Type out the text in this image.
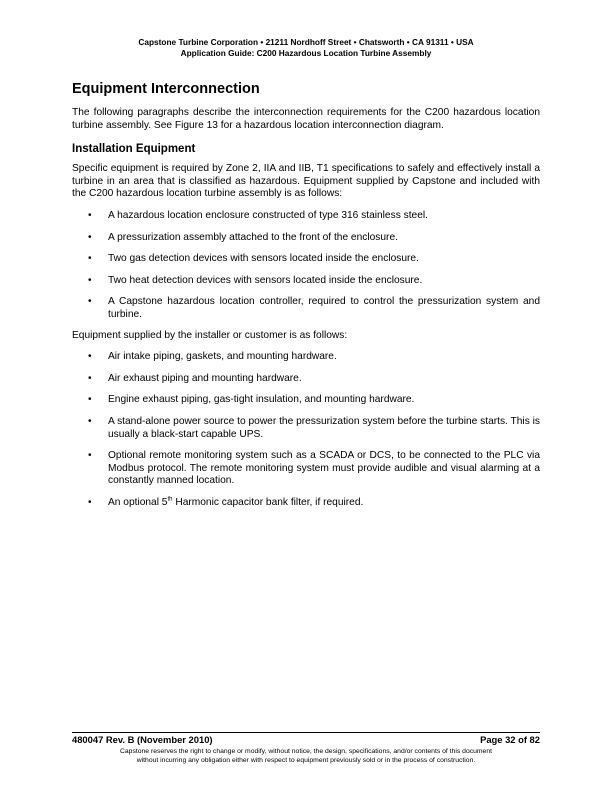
Capstone Turbine Corporation • 21211 Nordhoff Street • Chatsworth • CA 91311 • USA
Application Guide: C200 Hazardous Location Turbine Assembly
Equipment Interconnection

The following paragraphs describe the interconnection requirements for the C200 hazardous location turbine assembly. See Figure 13 for a hazardous location interconnection diagram.

Installation Equipment

Specific equipment is required by Zone 2, IIA and IIB, T1 specifications to safely and effectively install a turbine in an area that is classified as hazardous. Equipment supplied by Capstone and included with the C200 hazardous location turbine assembly is as follows:

• A hazardous location enclosure constructed of type 316 stainless steel.
• A pressurization assembly attached to the front of the enclosure.
• Two gas detection devices with sensors located inside the enclosure.
• Two heat detection devices with sensors located inside the enclosure.
• A Capstone hazardous location controller, required to control the pressurization system and turbine.

Equipment supplied by the installer or customer is as follows:

• Air intake piping, gaskets, and mounting hardware.
• Air exhaust piping and mounting hardware.
• Engine exhaust piping, gas-tight insulation, and mounting hardware.
• A stand-alone power source to power the pressurization system before the turbine starts. This is usually a black-start capable UPS.
• Optional remote monitoring system such as a SCADA or DCS, to be connected to the PLC via Modbus protocol. The remote monitoring system must provide audible and visual alarming at a constantly manned location.
• An optional 5th Harmonic capacitor bank filter, if required.
480047 Rev. B (November 2010)	Page 32 of 82
Capstone reserves the right to change or modify, without notice, the design, specifications, and/or contents of this document
without incurring any obligation either with respect to equipment previously sold or in the process of construction.
